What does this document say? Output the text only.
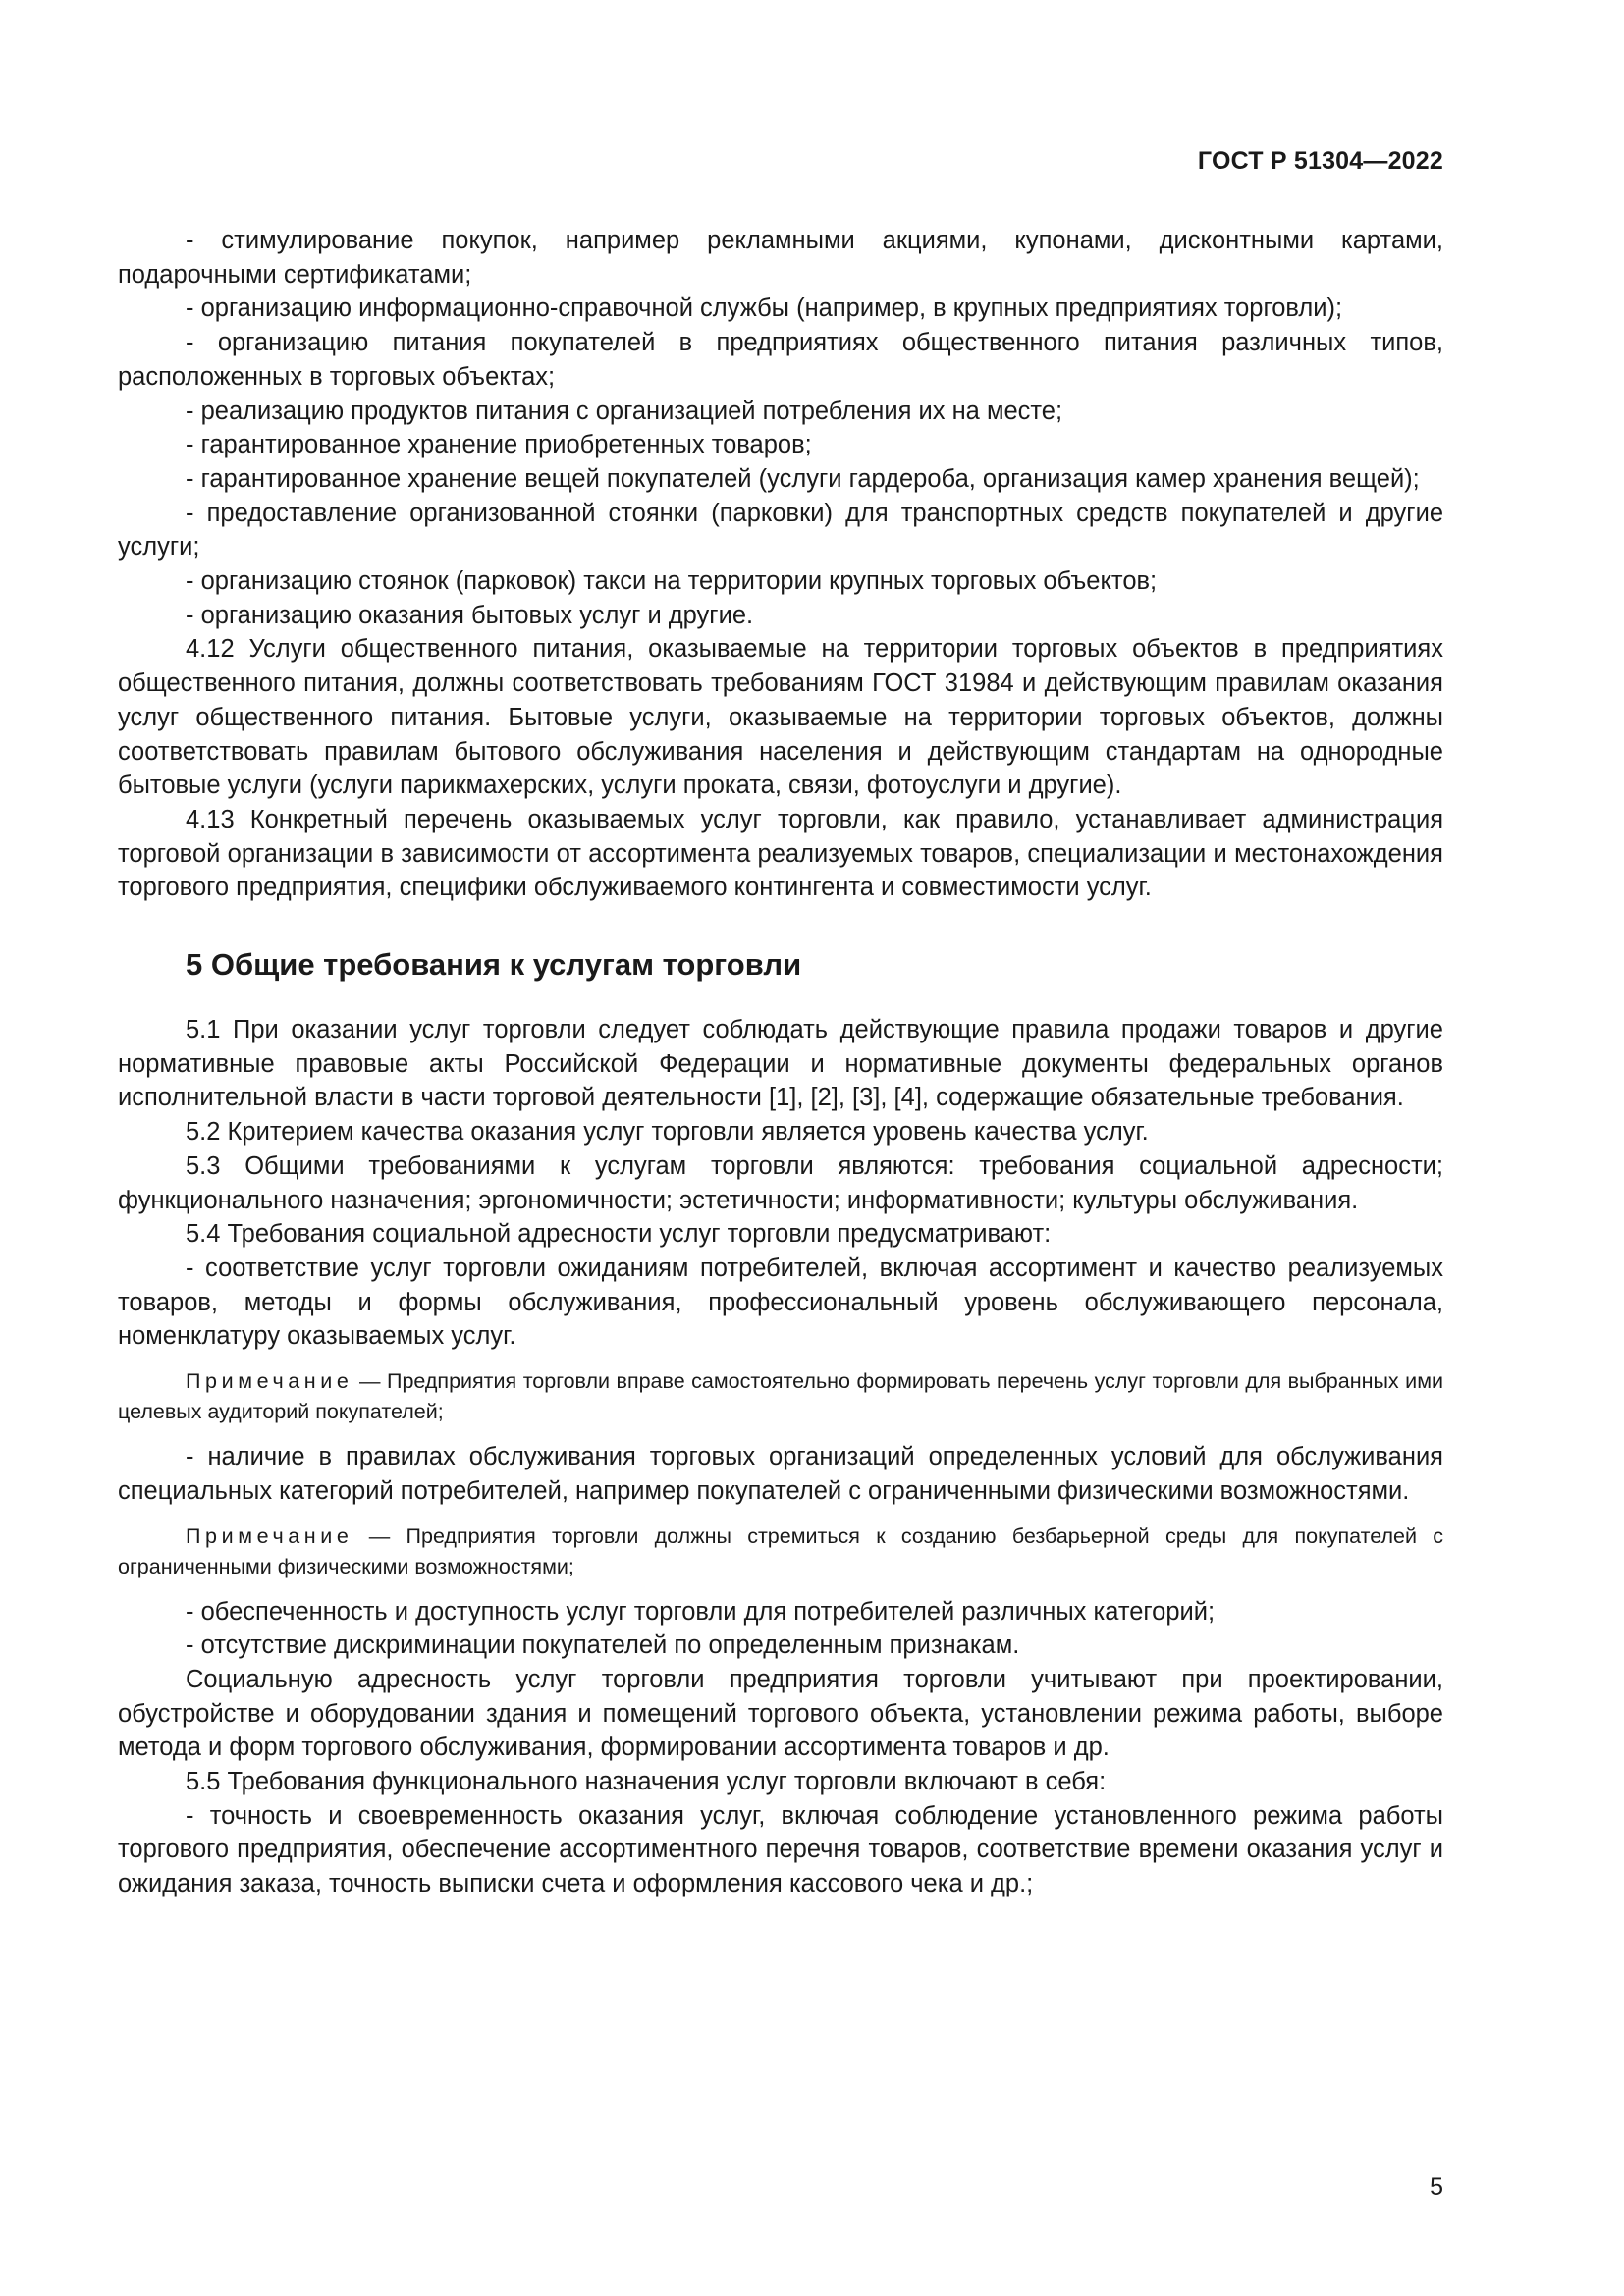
ГОСТ Р 51304—2022

- стимулирование покупок, например рекламными акциями, купонами, дисконтными картами, подарочными сертификатами;

- организацию информационно-справочной службы (например, в крупных предприятиях торговли);

- организацию питания покупателей в предприятиях общественного питания различных типов, расположенных в торговых объектах;

- реализацию продуктов питания с организацией потребления их на месте;

- гарантированное хранение приобретенных товаров;

- гарантированное хранение вещей покупателей (услуги гардероба, организация камер хранения вещей);

- предоставление организованной стоянки (парковки) для транспортных средств покупателей и другие услуги;

- организацию стоянок (парковок) такси на территории крупных торговых объектов;

- организацию оказания бытовых услуг и другие.

4.12 Услуги общественного питания, оказываемые на территории торговых объектов в предприятиях общественного питания, должны соответствовать требованиям ГОСТ 31984 и действующим правилам оказания услуг общественного питания. Бытовые услуги, оказываемые на территории торговых объектов, должны соответствовать правилам бытового обслуживания населения и действующим стандартам на однородные бытовые услуги (услуги парикмахерских, услуги проката, связи, фотоуслуги и другие).

4.13 Конкретный перечень оказываемых услуг торговли, как правило, устанавливает администрация торговой организации в зависимости от ассортимента реализуемых товаров, специализации и местонахождения торгового предприятия, специфики обслуживаемого контингента и совместимости услуг.

5 Общие требования к услугам торговли

5.1 При оказании услуг торговли следует соблюдать действующие правила продажи товаров и другие нормативные правовые акты Российской Федерации и нормативные документы федеральных органов исполнительной власти в части торговой деятельности [1], [2], [3], [4], содержащие обязательные требования.

5.2 Критерием качества оказания услуг торговли является уровень качества услуг.

5.3 Общими требованиями к услугам торговли являются: требования социальной адресности; функционального назначения; эргономичности; эстетичности; информативности; культуры обслуживания.

5.4 Требования социальной адресности услуг торговли предусматривают:

- соответствие услуг торговли ожиданиям потребителей, включая ассортимент и качество реализуемых товаров, методы и формы обслуживания, профессиональный уровень обслуживающего персонала, номенклатуру оказываемых услуг.

Примечание — Предприятия торговли вправе самостоятельно формировать перечень услуг торговли для выбранных ими целевых аудиторий покупателей;

- наличие в правилах обслуживания торговых организаций определенных условий для обслуживания специальных категорий потребителей, например покупателей с ограниченными физическими возможностями.

Примечание — Предприятия торговли должны стремиться к созданию безбарьерной среды для покупателей с ограниченными физическими возможностями;

- обеспеченность и доступность услуг торговли для потребителей различных категорий;

- отсутствие дискриминации покупателей по определенным признакам.

Социальную адресность услуг торговли предприятия торговли учитывают при проектировании, обустройстве и оборудовании здания и помещений торгового объекта, установлении режима работы, выборе метода и форм торгового обслуживания, формировании ассортимента товаров и др.

5.5 Требования функционального назначения услуг торговли включают в себя:

- точность и своевременность оказания услуг, включая соблюдение установленного режима работы торгового предприятия, обеспечение ассортиментного перечня товаров, соответствие времени оказания услуг и ожидания заказа, точность выписки счета и оформления кассового чека и др.;

5
